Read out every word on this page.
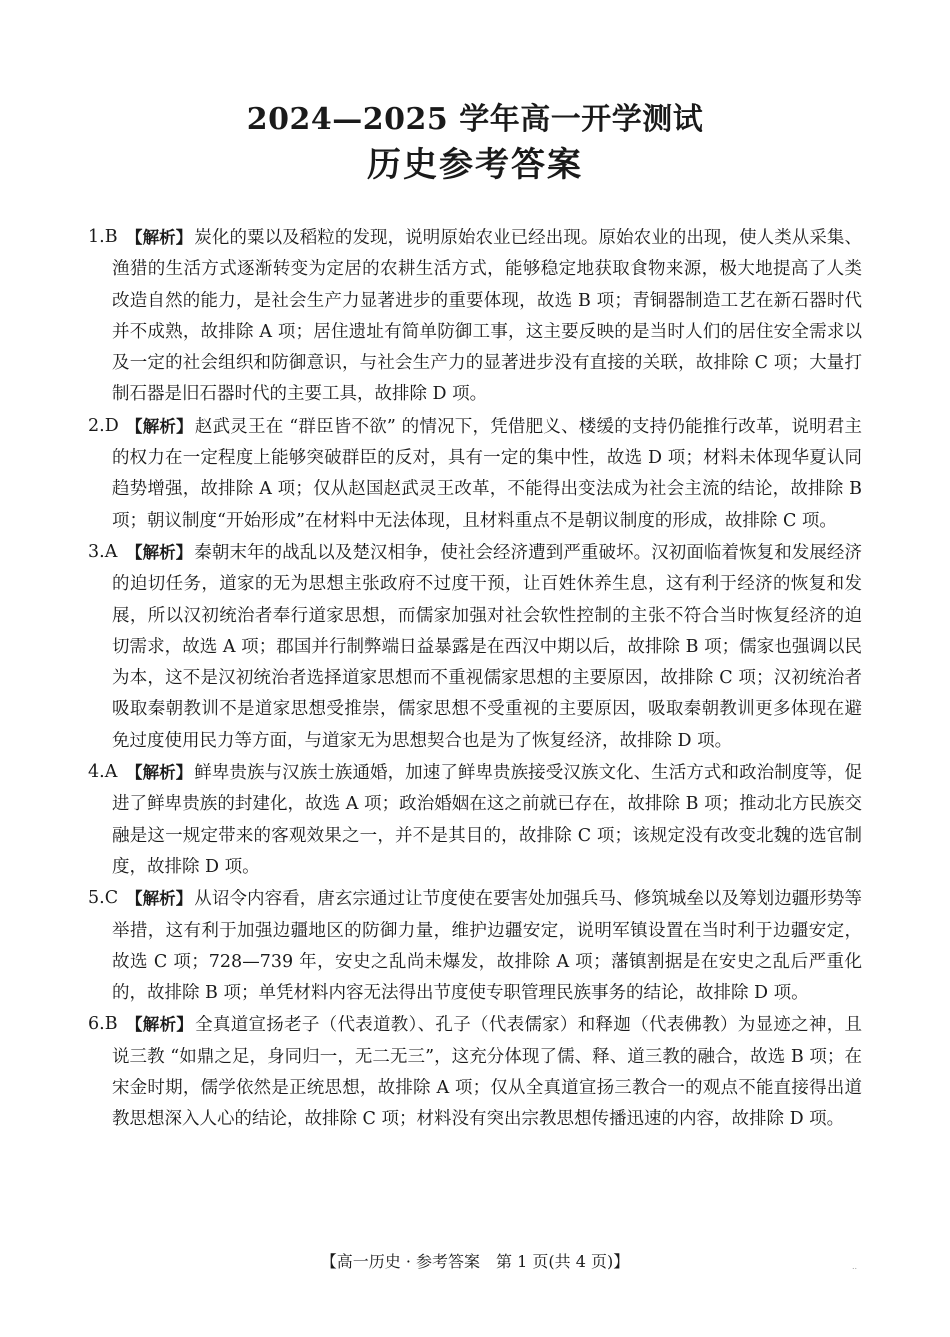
2024—2025 学年高一开学测试
历史参考答案
1.B 【解析】 炭化的粟以及稻粒的发现，说明原始农业已经出现。原始农业的出现，使人类从采集、渔猎的生活方式逐渐转变为定居的农耕生活方式，能够稳定地获取食物来源，极大地提高了人类改造自然的能力，是社会生产力显著进步的重要体现，故选 B 项；青铜器制造工艺在新石器时代并不成熟，故排除 A 项；居住遗址有简单防御工事，这主要反映的是当时人们的居住安全需求以及一定的社会组织和防御意识，与社会生产力的显著进步没有直接的关联，故排除 C 项；大量打制石器是旧石器时代的主要工具，故排除 D 项。
2.D 【解析】 赵武灵王在 “群臣皆不欲” 的情况下，凭借肥义、楼缓的支持仍能推行改革，说明君主的权力在一定程度上能够突破群臣的反对，具有一定的集中性，故选 D 项；材料未体现华夏认同趋势增强，故排除 A 项；仅从赵国赵武灵王改革，不能得出变法成为社会主流的结论，故排除 B 项；朝议制度“开始形成”在材料中无法体现，且材料重点不是朝议制度的形成，故排除 C 项。
3.A 【解析】 秦朝末年的战乱以及楚汉相争，使社会经济遭到严重破坏。汉初面临着恢复和发展经济的迫切任务，道家的无为思想主张政府不过度干预，让百姓休养生息，这有利于经济的恢复和发展，所以汉初统治者奉行道家思想，而儒家加强对社会软性控制的主张不符合当时恢复经济的迫切需求，故选 A 项；郡国并行制弊端日益暴露是在西汉中期以后，故排除 B 项；儒家也强调以民为本，这不是汉初统治者选择道家思想而不重视儒家思想的主要原因，故排除 C 项；汉初统治者吸取秦朝教训不是道家思想受推崇，儒家思想不受重视的主要原因，吸取秦朝教训更多体现在避免过度使用民力等方面，与道家无为思想契合也是为了恢复经济，故排除 D 项。
4.A 【解析】 鲜卑贵族与汉族士族通婚，加速了鲜卑贵族接受汉族文化、生活方式和政治制度等，促进了鲜卑贵族的封建化，故选 A 项；政治婚姻在这之前就已存在，故排除 B 项；推动北方民族交融是这一规定带来的客观效果之一，并不是其目的，故排除 C 项；该规定没有改变北魏的选官制度，故排除 D 项。
5.C 【解析】 从诏令内容看，唐玄宗通过让节度使在要害处加强兵马、修筑城垒以及筹划边疆形势等举措，这有利于加强边疆地区的防御力量，维护边疆安定，说明军镇设置在当时利于边疆安定，故选 C 项；728—739 年，安史之乱尚未爆发，故排除 A 项；藩镇割据是在安史之乱后严重化的，故排除 B 项；单凭材料内容无法得出节度使专职管理民族事务的结论，故排除 D 项。
6.B 【解析】 全真道宣扬老子（代表道教）、孔子（代表儒家）和释迦（代表佛教）为显迹之神，且说三教 “如鼎之足，身同归一，无二无三”，这充分体现了儒、释、道三教的融合，故选 B 项；在宋金时期，儒学依然是正统思想，故排除 A 项；仅从全真道宣扬三教合一的观点不能直接得出道教思想深入人心的结论，故排除 C 项；材料没有突出宗教思想传播迅速的内容，故排除 D 项。
【高一历史 · 参考答案　第 1 页(共 4 页)】	..
